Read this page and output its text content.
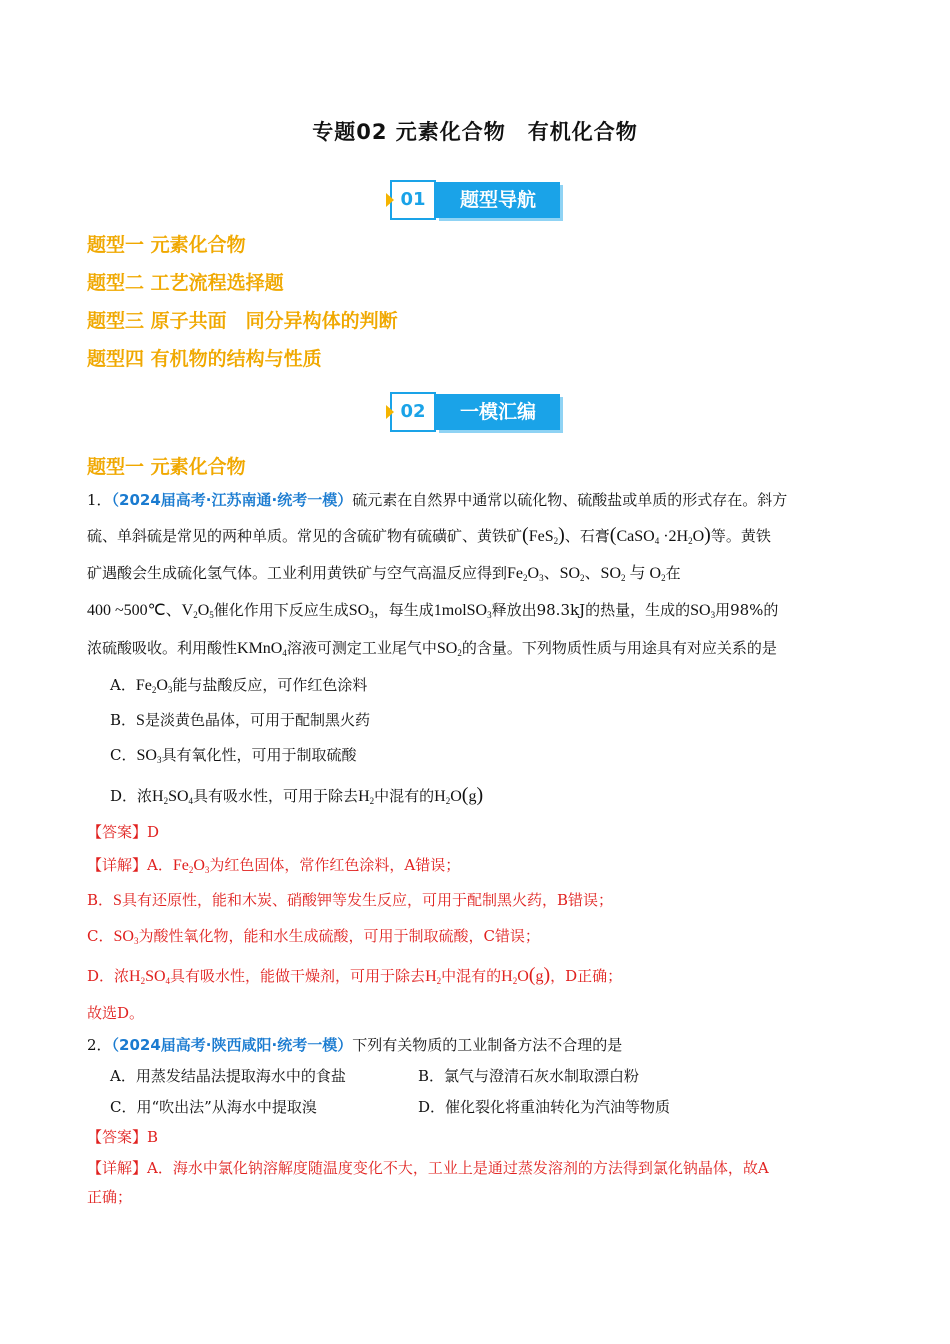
专题02 元素化合物　有机化合物
01	题型导航
题型一 元素化合物
题型二 工艺流程选择题
题型三 原子共面　同分异构体的判断
题型四 有机物的结构与性质
02	一模汇编
题型一 元素化合物
1．（2024届高考·江苏南通·统考一模）硫元素在自然界中通常以硫化物、硫酸盐或单质的形式存在。斜方
硫、单斜硫是常见的两种单质。常见的含硫矿物有硫磺矿、黄铁矿(FeS$_2$)、石膏(CaSO$_4$ $\cdot 2H_2O$)等。黄铁
矿遇酸会生成硫化氢气体。工业利用黄铁矿与空气高温反应得到$Fe_2O_3$、$SO_2$、$SO_2$ 与 $O_2$在
400 ~500℃、$V_2O_5$催化作用下反应生成$SO_3$，每生成1molSO$_3$释放出98.3kJ的热量，生成的$SO_3$用98%的
浓硫酸吸收。利用酸性KMnO$_4$溶液可测定工业尾气中$SO_2$的含量。下列物质性质与用途具有对应关系的是
A．$Fe_2O_3$能与盐酸反应，可作红色涂料
B．S是淡黄色晶体，可用于配制黑火药
C．$SO_3$具有氧化性，可用于制取硫酸
D．浓$H_2SO_4$具有吸水性，可用于除去$H_2$中混有的$H_2O(g)$
【答案】D
【详解】A．$Fe_2O_3$为红色固体，常作红色涂料，A错误；
B．S具有还原性，能和木炭、硝酸钾等发生反应，可用于配制黑火药，B错误；
C．$SO_3$为酸性氧化物，能和水生成硫酸，可用于制取硫酸，C错误；
D．浓$H_2SO_4$具有吸水性，能做干燥剂，可用于除去$H_2$中混有的$H_2O(g)$，D正确；
故选D。
2．（2024届高考·陕西咸阳·统考一模）下列有关物质的工业制备方法不合理的是
A．用蒸发结晶法提取海水中的食盐	B．氯气与澄清石灰水制取漂白粉
C．用“吹出法”从海水中提取溴	D．催化裂化将重油转化为汽油等物质
【答案】B
【详解】A．海水中氯化钠溶解度随温度变化不大，工业上是通过蒸发溶剂的方法得到氯化钠晶体，故A
正确；
